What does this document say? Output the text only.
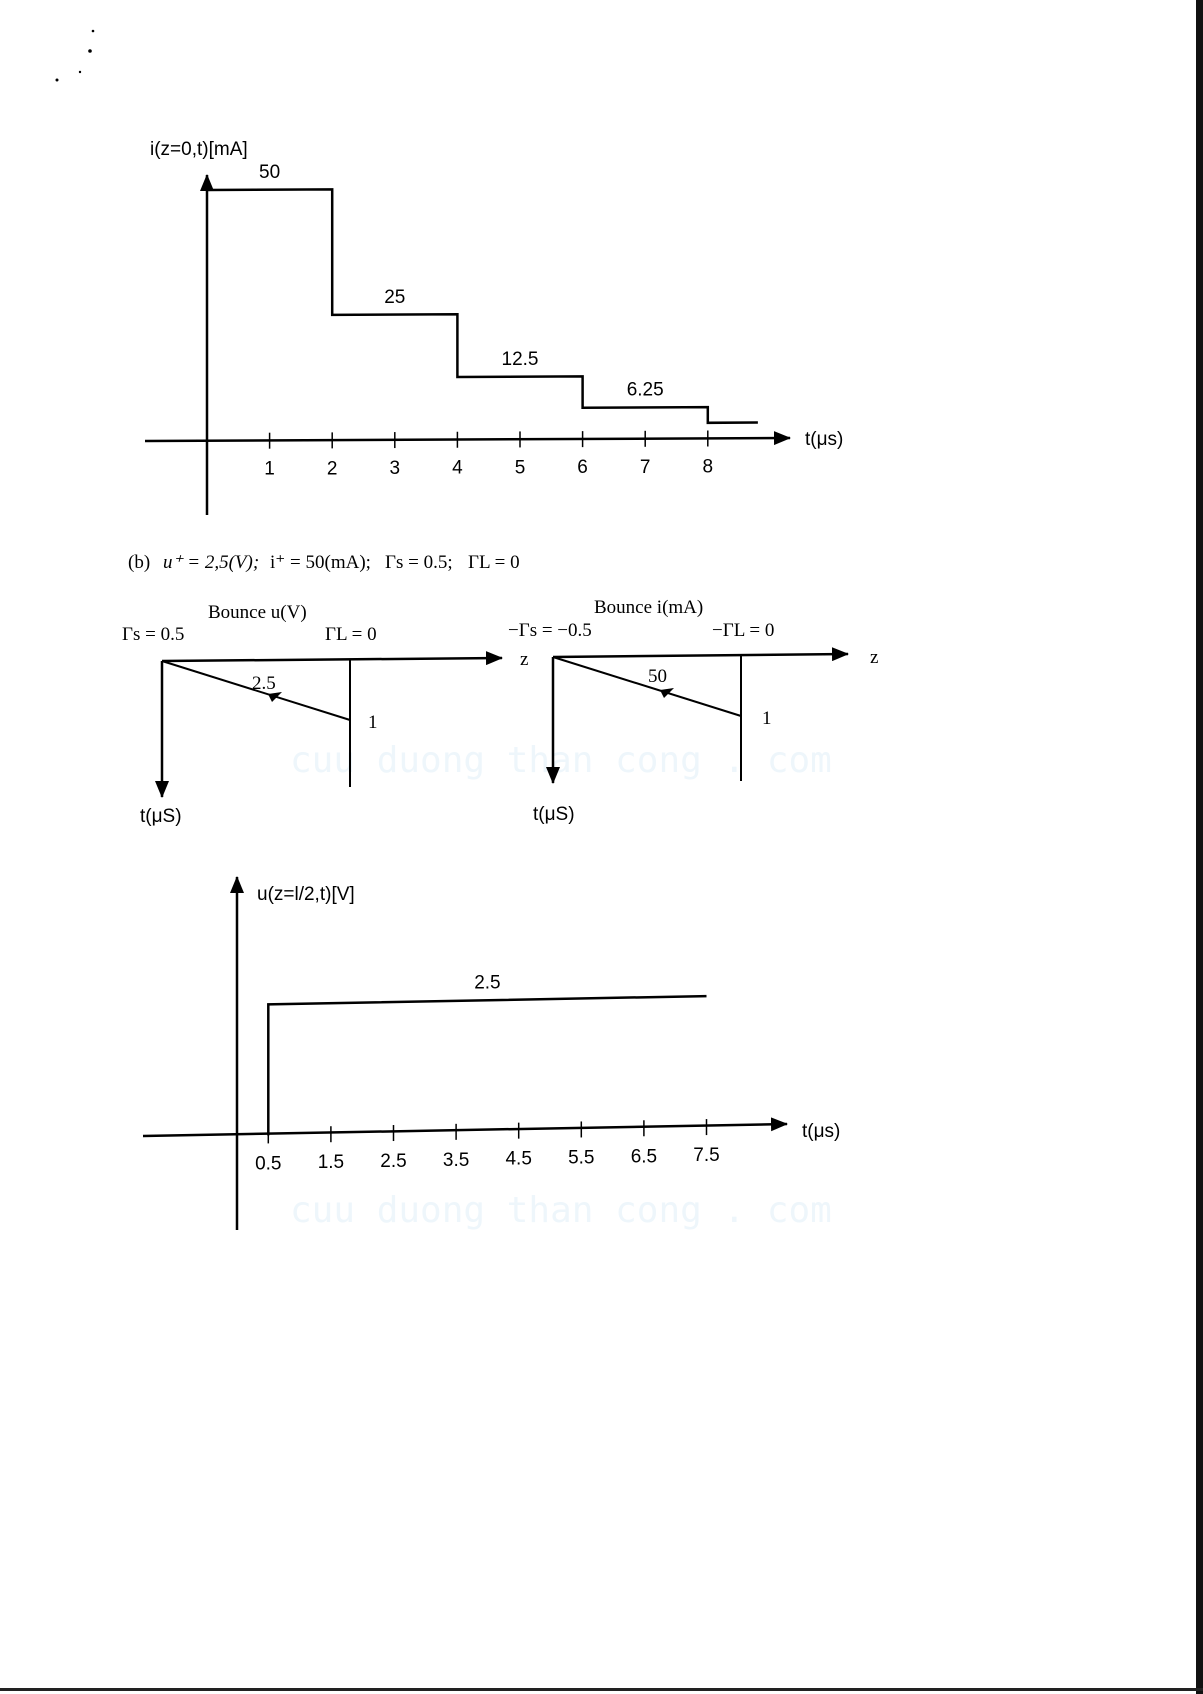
cuu duong than cong . com
cuu duong than cong . com
i(z=0,t)[mA]
t(μs)
1	2	3	4	5	6	7	8
50
25
12.5
6.25
(b) u⁺ = 2,5(V); i⁺ = 50(mA); Γs = 0.5; ΓL = 0
Bounce u(V)
Γs = 0.5	ΓL = 0
z
2.5
1
t(μS)
Bounce i(mA)
−Γs = −0.5	−ΓL = 0
z
50
1
t(μS)
u(z=l/2,t)[V]
t(μs)
0.5 1.5 2.5 3.5 4.5 5.5 6.5 7.5
2.5
